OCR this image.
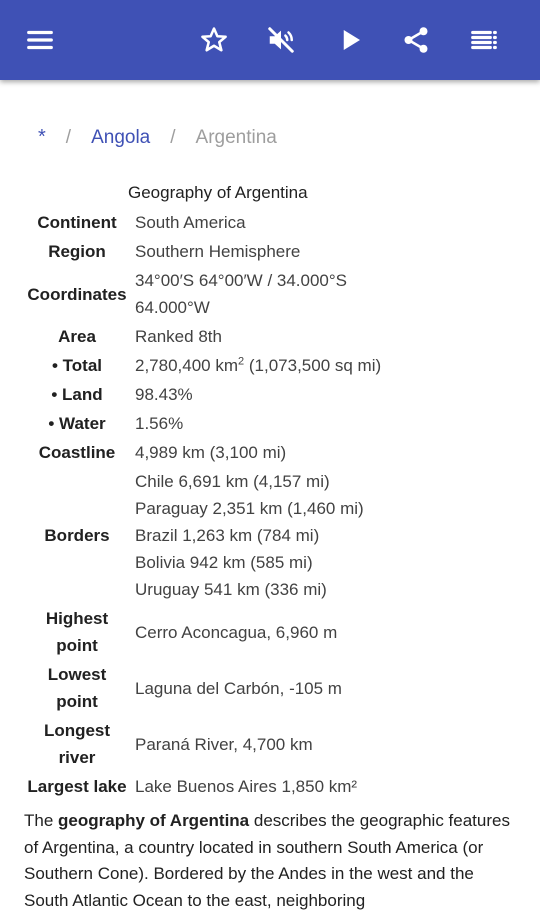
* / Angola / Argentina
Geography of Argentina
Continent	South America
Region	Southern Hemisphere
Coordinates	34°00′S 64°00′W / 34.000°S
64.000°W

Area	Ranked 8th
• Total	2,780,400 $km^2$ (1,073,500 sq mi)
• Land	98.43%
• Water	1.56%
Coastline	4,989 km (3,100 mi)
Borders	Chile 6,691 km (4,157 mi)
Paraguay 2,351 km (1,460 mi)
Brazil 1,263 km (784 mi)
Bolivia 942 km (585 mi)
Uruguay 541 km (336 mi)

Highest
point	Cerro Aconcagua, 6,960 m

Lowest
point	Laguna del Carbón, -105 m

Longest
river	Paraná River, 4,700 km
Largest lake	Lake Buenos Aires 1,850 km²
The geography of Argentina describes the geographic features of Argentina, a country located in southern South America (or Southern Cone). Bordered by the Andes in the west and the South Atlantic Ocean to the east, neighboring
